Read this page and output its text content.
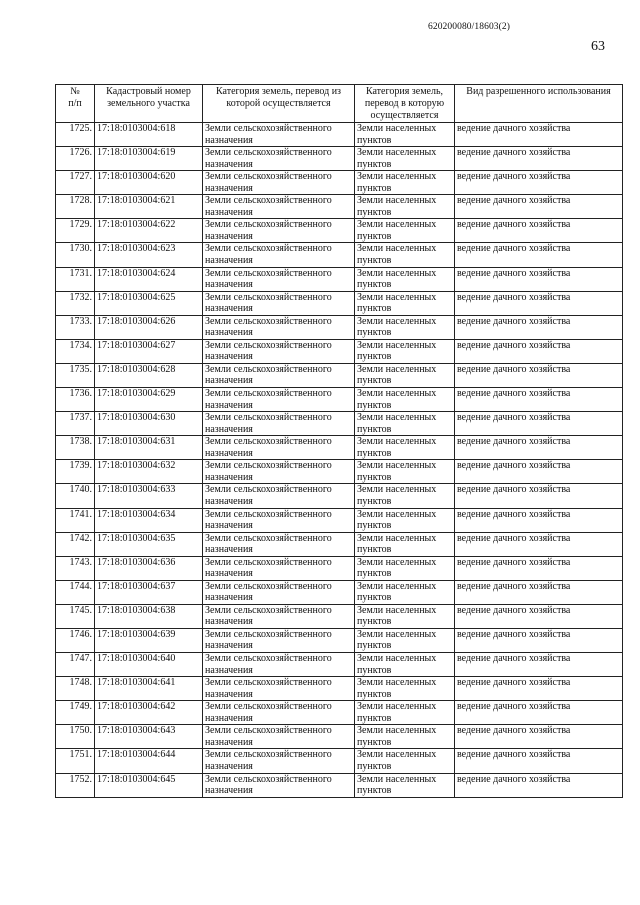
620200080/18603(2)
63
№
п/п	Кадастровый номер земельного участка	Категория земель, перевод из которой осуществляется	Категория земель, перевод в которую осуществляется	Вид разрешенного использования
1725.	17:18:0103004:618	Земли сельскохозяйственного назначения	Земли населенных пунктов	ведение дачного хозяйства
1726.	17:18:0103004:619	Земли сельскохозяйственного назначения	Земли населенных пунктов	ведение дачного хозяйства
1727.	17:18:0103004:620	Земли сельскохозяйственного назначения	Земли населенных пунктов	ведение дачного хозяйства
1728.	17:18:0103004:621	Земли сельскохозяйственного назначения	Земли населенных пунктов	ведение дачного хозяйства
1729.	17:18:0103004:622	Земли сельскохозяйственного назначения	Земли населенных пунктов	ведение дачного хозяйства
1730.	17:18:0103004:623	Земли сельскохозяйственного назначения	Земли населенных пунктов	ведение дачного хозяйства
1731.	17:18:0103004:624	Земли сельскохозяйственного назначения	Земли населенных пунктов	ведение дачного хозяйства
1732.	17:18:0103004:625	Земли сельскохозяйственного назначения	Земли населенных пунктов	ведение дачного хозяйства
1733.	17:18:0103004:626	Земли сельскохозяйственного назначения	Земли населенных пунктов	ведение дачного хозяйства
1734.	17:18:0103004:627	Земли сельскохозяйственного назначения	Земли населенных пунктов	ведение дачного хозяйства
1735.	17:18:0103004:628	Земли сельскохозяйственного назначения	Земли населенных пунктов	ведение дачного хозяйства
1736.	17:18:0103004:629	Земли сельскохозяйственного назначения	Земли населенных пунктов	ведение дачного хозяйства
1737.	17:18:0103004:630	Земли сельскохозяйственного назначения	Земли населенных пунктов	ведение дачного хозяйства
1738.	17:18:0103004:631	Земли сельскохозяйственного назначения	Земли населенных пунктов	ведение дачного хозяйства
1739.	17:18:0103004:632	Земли сельскохозяйственного назначения	Земли населенных пунктов	ведение дачного хозяйства
1740.	17:18:0103004:633	Земли сельскохозяйственного назначения	Земли населенных пунктов	ведение дачного хозяйства
1741.	17:18:0103004:634	Земли сельскохозяйственного назначения	Земли населенных пунктов	ведение дачного хозяйства
1742.	17:18:0103004:635	Земли сельскохозяйственного назначения	Земли населенных пунктов	ведение дачного хозяйства
1743.	17:18:0103004:636	Земли сельскохозяйственного назначения	Земли населенных пунктов	ведение дачного хозяйства
1744.	17:18:0103004:637	Земли сельскохозяйственного назначения	Земли населенных пунктов	ведение дачного хозяйства
1745.	17:18:0103004:638	Земли сельскохозяйственного назначения	Земли населенных пунктов	ведение дачного хозяйства
1746.	17:18:0103004:639	Земли сельскохозяйственного назначения	Земли населенных пунктов	ведение дачного хозяйства
1747.	17:18:0103004:640	Земли сельскохозяйственного назначения	Земли населенных пунктов	ведение дачного хозяйства
1748.	17:18:0103004:641	Земли сельскохозяйственного назначения	Земли населенных пунктов	ведение дачного хозяйства
1749.	17:18:0103004:642	Земли сельскохозяйственного назначения	Земли населенных пунктов	ведение дачного хозяйства
1750.	17:18:0103004:643	Земли сельскохозяйственного назначения	Земли населенных пунктов	ведение дачного хозяйства
1751.	17:18:0103004:644	Земли сельскохозяйственного назначения	Земли населенных пунктов	ведение дачного хозяйства
1752.	17:18:0103004:645	Земли сельскохозяйственного назначения	Земли населенных пунктов	ведение дачного хозяйства
